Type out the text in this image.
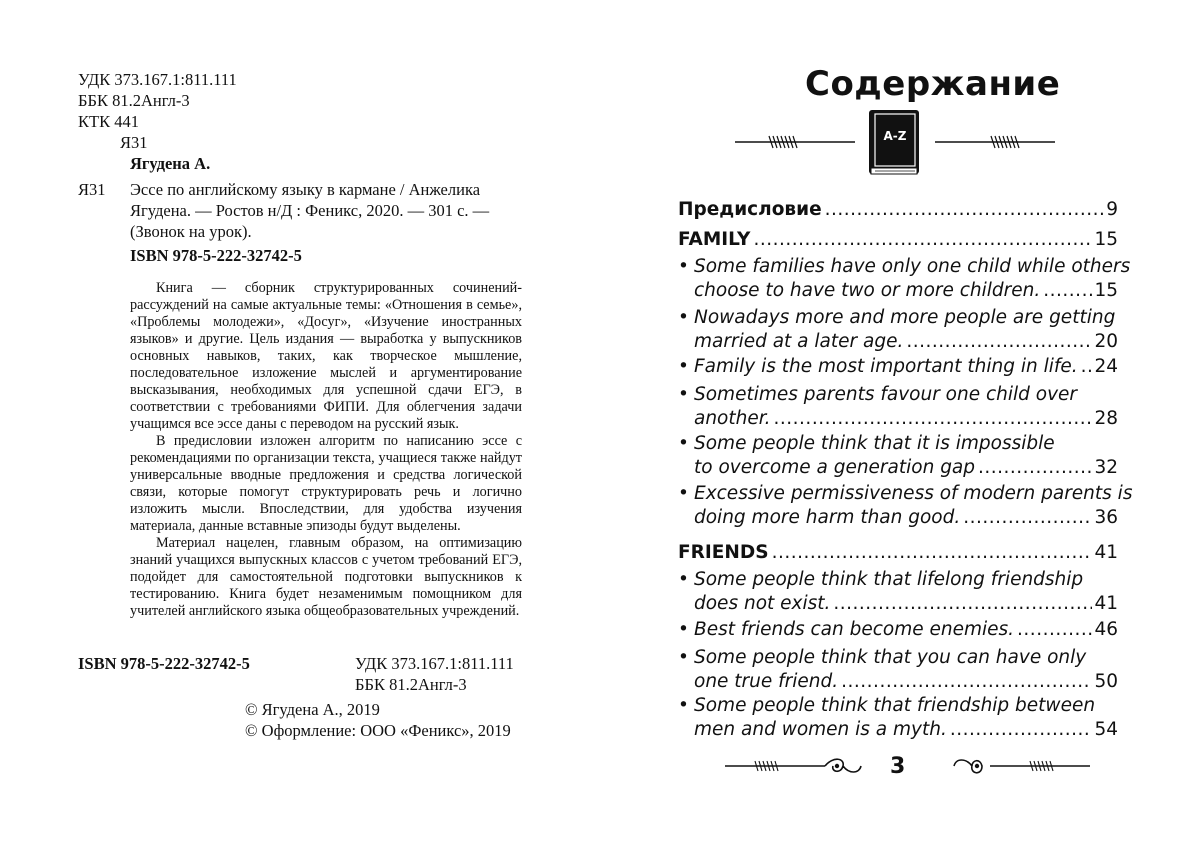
УДК 373.167.1:811.111
ББК 81.2Англ-3
КТК 441
Я31
Ягудена А.
Я31 Эссе по английскому языку в кармане / Анжелика
Ягудена. — Ростов н/Д : Феникс, 2020. — 301 с. —
(Звонок на урок).
ISBN 978-5-222-32742-5

Книга — сборник структурированных сочинений-рассуждений на самые актуальные темы: «Отношения в семье», «Проблемы молодежи», «Досуг», «Изучение иностранных языков» и другие. Цель издания — выработка у выпускников основных навыков, таких, как творческое мышление, последовательное изложение мыслей и аргументирование высказывания, необходимых для успешной сдачи ЕГЭ, в соответствии с требованиями ФИПИ. Для облегчения задачи учащимся все эссе даны с переводом на русский язык.

В предисловии изложен алгоритм по написанию эссе с рекомендациями по организации текста, учащиеся также найдут универсальные вводные предложения и средства логической связи, которые помогут структурировать речь и логично изложить мысли. Впоследствии, для удобства изучения материала, данные вставные эпизоды будут выделены.

Материал нацелен, главным образом, на оптимизацию знаний учащихся выпускных классов с учетом требований ЕГЭ, подойдет для самостоятельной подготовки выпускников к тестированию. Книга будет незаменимым помощником для учителей английского языка общеобразовательных учреждений.

ISBN 978-5-222-32742-5	УДК 373.167.1:811.111
ББК 81.2Англ-3
© Ягудена А., 2019
© Оформление: ООО «Феникс», 2019
Содержание
A-Z
3
Предисловие .....	9
FAMILY .....	15
• Some families have only one child while others
choose to have two or more children. .....	15
• Nowadays more and more people are getting
married at a later age. .....	20
• Family is the most important thing in life. ..... 24
• Sometimes parents favour one child over
another. .....	28
• Some people think that it is impossible
to overcome a generation gap .....	32
• Excessive permissiveness of modern parents is
doing more harm than good. .....	36
FRIENDS .....	41
• Some people think that lifelong friendship
does not exist. .....	41
• Best friends can become enemies. .....	46
• Some people think that you can have only
one true friend. .....	50
• Some people think that friendship between
men and women is a myth. .....	54
